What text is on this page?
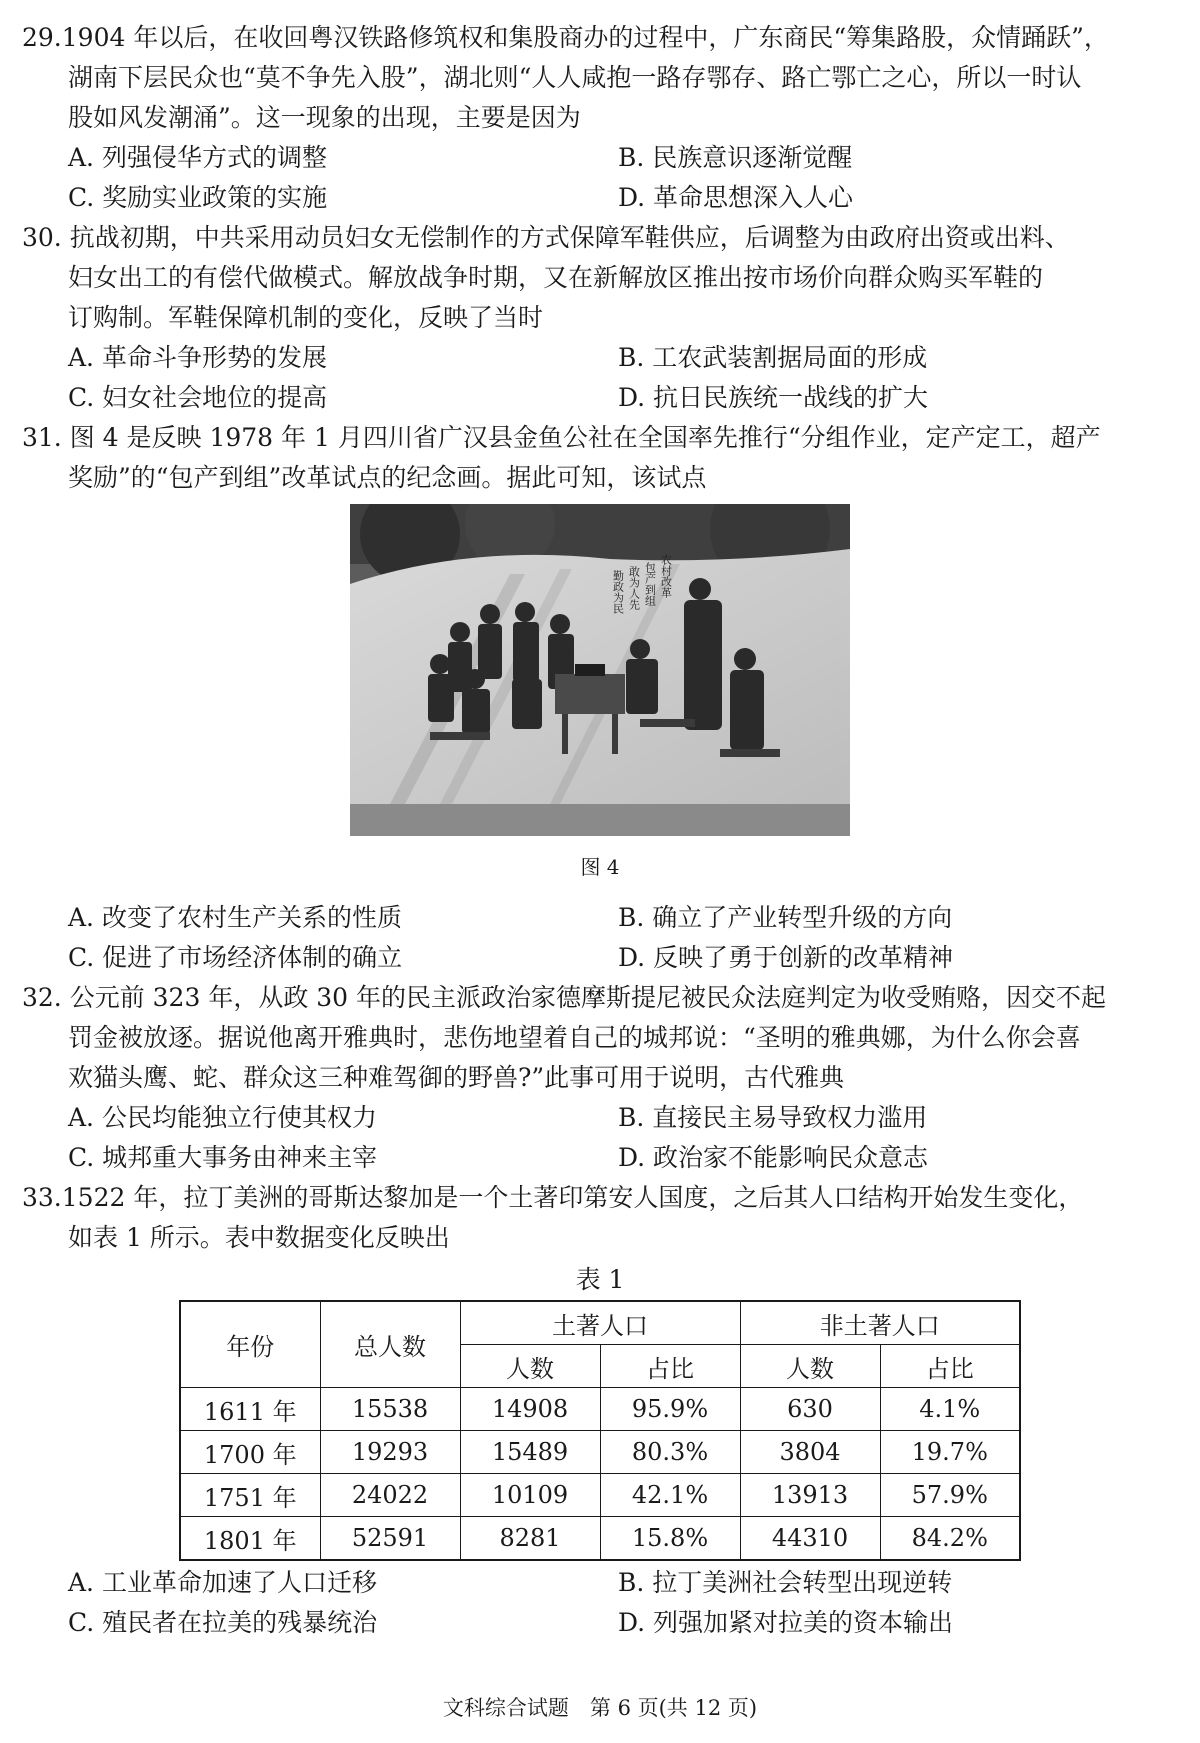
29.1904 年以后，在收回粤汉铁路修筑权和集股商办的过程中，广东商民“筹集路股，众情踊跃”，
湖南下层民众也“莫不争先入股”，湖北则“人人咸抱一路存鄂存、路亡鄂亡之心，所以一时认
股如风发潮涌”。这一现象的出现，主要是因为
A. 列强侵华方式的调整	B. 民族意识逐渐觉醒
C. 奖励实业政策的实施	D. 革命思想深入人心
30. 抗战初期，中共采用动员妇女无偿制作的方式保障军鞋供应，后调整为由政府出资或出料、
妇女出工的有偿代做模式。解放战争时期，又在新解放区推出按市场价向群众购买军鞋的
订购制。军鞋保障机制的变化，反映了当时
A. 革命斗争形势的发展	B. 工农武装割据局面的形成
C. 妇女社会地位的提高	D. 抗日民族统一战线的扩大
31. 图 4 是反映 1978 年 1 月四川省广汉县金鱼公社在全国率先推行“分组作业，定产定工，超产
奖励”的“包产到组”改革试点的纪念画。据此可知，该试点
农村改革
包产到组
敢为人先
勤政为民
图 4
A. 改变了农村生产关系的性质	B. 确立了产业转型升级的方向
C. 促进了市场经济体制的确立	D. 反映了勇于创新的改革精神
32. 公元前 323 年，从政 30 年的民主派政治家德摩斯提尼被民众法庭判定为收受贿赂，因交不起
罚金被放逐。据说他离开雅典时，悲伤地望着自己的城邦说：“圣明的雅典娜，为什么你会喜
欢猫头鹰、蛇、群众这三种难驾御的野兽?”此事可用于说明，古代雅典
A. 公民均能独立行使其权力	B. 直接民主易导致权力滥用
C. 城邦重大事务由神来主宰	D. 政治家不能影响民众意志
33.1522 年，拉丁美洲的哥斯达黎加是一个土著印第安人国度，之后其人口结构开始发生变化，
如表 1 所示。表中数据变化反映出
表 1
年份	总人数	土著人口		非土著人口	
		人数	占比	人数	占比
1611 年	15538	14908	95.9%	630	4.1%
1700 年	19293	15489	80.3%	3804	19.7%
1751 年	24022	10109	42.1%	13913	57.9%
1801 年	52591	8281	15.8%	44310	84.2%
A. 工业革命加速了人口迁移	B. 拉丁美洲社会转型出现逆转
C. 殖民者在拉美的残暴统治	D. 列强加紧对拉美的资本输出
文科综合试题　第 6 页(共 12 页)
